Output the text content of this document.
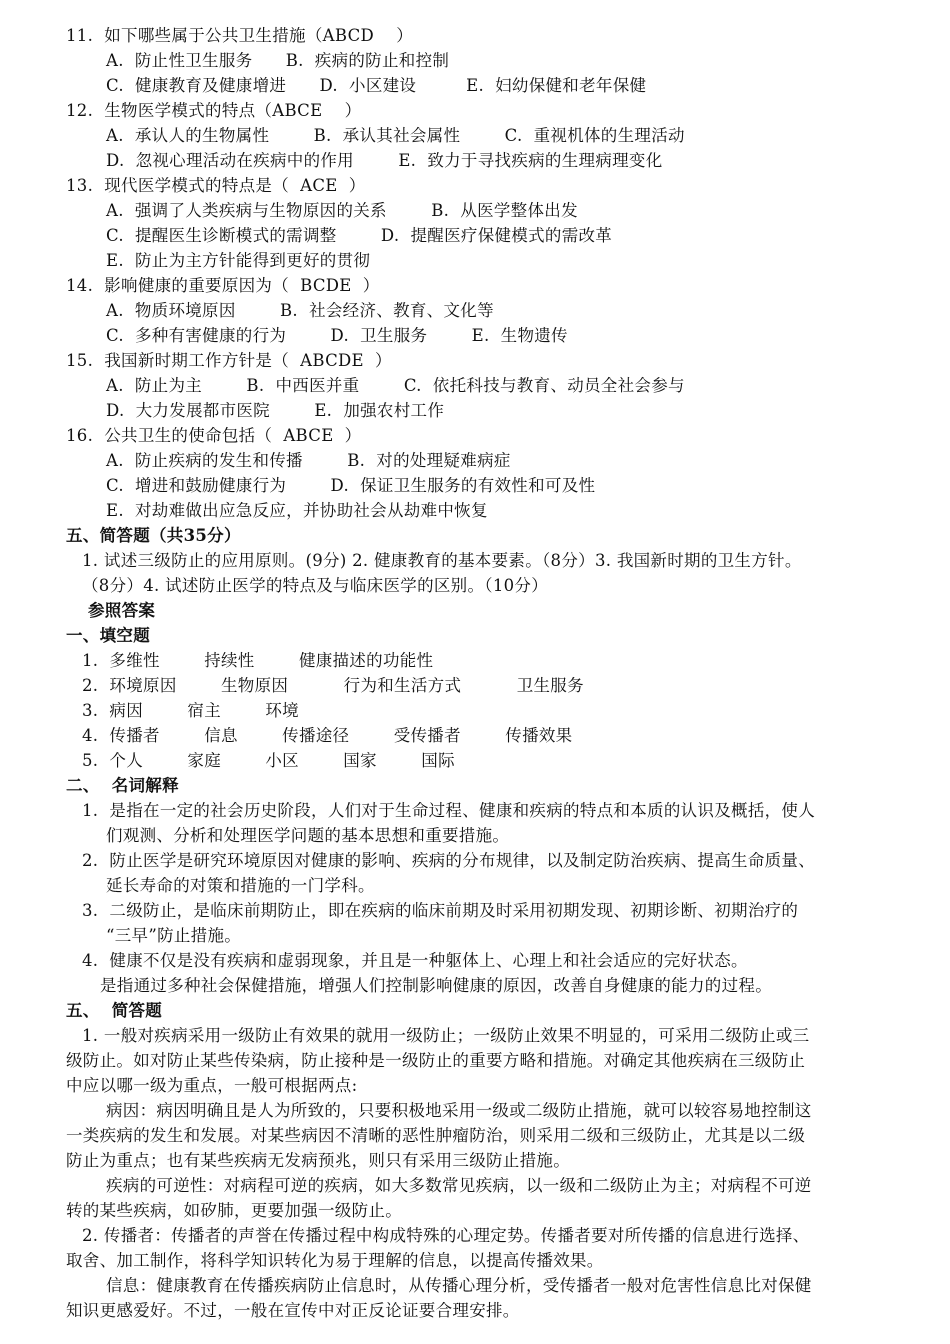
11.  如下哪些属于公共卫生措施（ABCD    ）
A.  防止性卫生服务      B.  疾病的防止和控制
C.  健康教育及健康增进      D.  小区建设         E.  妇幼保健和老年保健
12.  生物医学模式的特点（ABCE    ）
A.  承认人的生物属性        B.  承认其社会属性        C.  重视机体的生理活动
D.  忽视心理活动在疾病中的作用        E.  致力于寻找疾病的生理病理变化
13.  现代医学模式的特点是（  ACE  ）
A.  强调了人类疾病与生物原因的关系        B.  从医学整体出发
C.  提醒医生诊断模式的需调整        D.  提醒医疗保健模式的需改革
E.  防止为主方针能得到更好的贯彻
14.  影响健康的重要原因为（  BCDE  ）
A.  物质环境原因        B.  社会经济、教育、文化等
C.  多种有害健康的行为        D.  卫生服务        E.  生物遗传
15.  我国新时期工作方针是（  ABCDE  ）
A.  防止为主        B.  中西医并重        C.  依托科技与教育、动员全社会参与
D.  大力发展都市医院        E.  加强农村工作
16.  公共卫生的使命包括（  ABCE  ）
A.  防止疾病的发生和传播        B.  对的处理疑难病症
C.  增进和鼓励健康行为        D.  保证卫生服务的有效性和可及性
E.  对劫难做出应急反应，并协助社会从劫难中恢复
五、简答题（共35分）
1. 试述三级防止的应用原则。(9分) 2. 健康教育的基本要素。（8分）3. 我国新时期的卫生方针。
（8分）4. 试述防止医学的特点及与临床医学的区别。（10分）
参照答案
一、填空题
1.  多维性        持续性        健康描述的功能性
2.  环境原因        生物原因          行为和生活方式          卫生服务
3.  病因        宿主        环境
4.  传播者        信息        传播途径        受传播者        传播效果
5.  个人        家庭        小区        国家        国际
二、  名词解释
1.  是指在一定的社会历史阶段，人们对于生命过程、健康和疾病的特点和本质的认识及概括，使人
们观测、分析和处理医学问题的基本思想和重要措施。
2.  防止医学是研究环境原因对健康的影响、疾病的分布规律，以及制定防治疾病、提高生命质量、
延长寿命的对策和措施的一门学科。
3.  二级防止，是临床前期防止，即在疾病的临床前期及时采用初期发现、初期诊断、初期治疗的
“三早”防止措施。
4.  健康不仅是没有疾病和虚弱现象，并且是一种躯体上、心理上和社会适应的完好状态。
是指通过多种社会保健措施，增强人们控制影响健康的原因，改善自身健康的能力的过程。
五、  简答题
1. 一般对疾病采用一级防止有效果的就用一级防止；一级防止效果不明显的，可采用二级防止或三
级防止。如对防止某些传染病，防止接种是一级防止的重要方略和措施。对确定其他疾病在三级防止
中应以哪一级为重点，一般可根据两点:
病因：病因明确且是人为所致的，只要积极地采用一级或二级防止措施，就可以较容易地控制这
一类疾病的发生和发展。对某些病因不清晰的恶性肿瘤防治，则采用二级和三级防止，尤其是以二级
防止为重点；也有某些疾病无发病预兆，则只有采用三级防止措施。
疾病的可逆性：对病程可逆的疾病，如大多数常见疾病，以一级和二级防止为主；对病程不可逆
转的某些疾病，如矽肺，更要加强一级防止。
2. 传播者：传播者的声誉在传播过程中构成特殊的心理定势。传播者要对所传播的信息进行选择、
取舍、加工制作，将科学知识转化为易于理解的信息，以提高传播效果。
信息：健康教育在传播疾病防止信息时，从传播心理分析，受传播者一般对危害性信息比对保健
知识更感爱好。不过，一般在宣传中对正反论证要合理安排。
